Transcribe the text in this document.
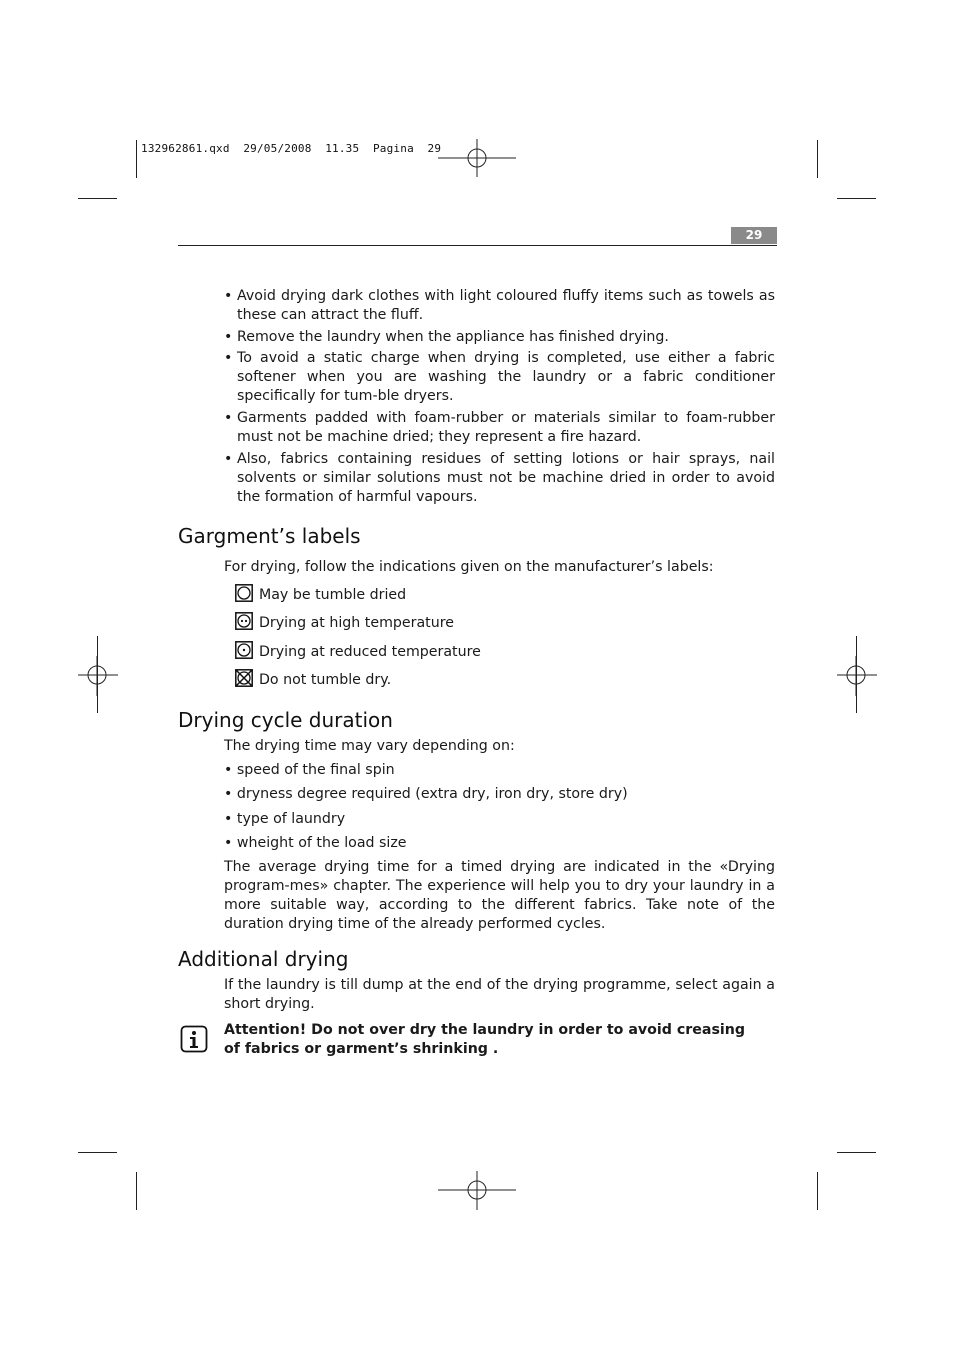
132962861.qxd  29/05/2008  11.35  Pagina  29
29
• Avoid drying dark clothes with light coloured fluffy items such as towels as these can attract the fluff.
• Remove the laundry when the appliance has finished drying.
• To avoid a static charge when drying is completed, use either a fabric softener when you are washing the laundry or a fabric conditioner specifically for tum-ble dryers.
• Garments padded with foam-rubber or materials similar to foam-rubber must not be machine dried; they represent a fire hazard.
• Also, fabrics containing residues of setting lotions or hair sprays, nail solvents or similar solutions must not be machine dried in order to avoid the formation of harmful vapours.
Gargment’s labels
For drying, follow the indications given on the manufacturer’s labels:
May be tumble dried
Drying at high temperature
Drying at reduced temperature
Do not tumble dry.
Drying cycle duration
The drying time may vary depending on:
• speed of the final spin
• dryness degree required (extra dry, iron dry, store dry)
• type of laundry
• wheight of the load size
The average drying time for a timed drying are indicated in the «Drying program-mes» chapter. The experience will help you to dry your laundry in a more suitable way, according to the different fabrics. Take note of the duration drying time of the already performed cycles.
Additional drying
If the laundry is till dump at the end of the drying programme, select again a short drying.
Attention! Do not over dry the laundry in order to avoid creasing of fabrics or garment’s shrinking .
